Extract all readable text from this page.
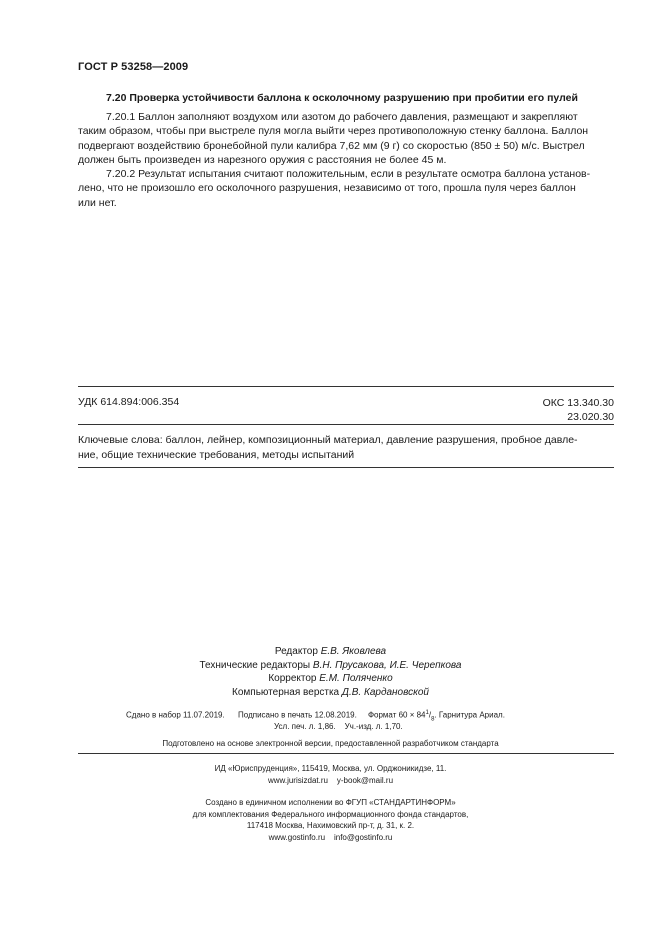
ГОСТ Р 53258—2009
7.20 Проверка устойчивости баллона к осколочному разрушению при пробитии его пулей
7.20.1 Баллон заполняют воздухом или азотом до рабочего давления, размещают и закрепляют
таким образом, чтобы при выстреле пуля могла выйти через противоположную стенку баллона. Баллон
подвергают воздействию бронебойной пули калибра 7,62 мм (9 г) со скоростью (850 ± 50) м/с. Выстрел
должен быть произведен из нарезного оружия с расстояния не более 45 м.
7.20.2 Результат испытания считают положительным, если в результате осмотра баллона установ-
лено, что не произошло его осколочного разрушения, независимо от того, прошла пуля через баллон
или нет.
УДК 614.894:006.354	ОКС 13.340.30
23.020.30
Ключевые слова: баллон, лейнер, композиционный материал, давление разрушения, пробное давле-
ние, общие технические требования, методы испытаний
Редактор Е.В. Яковлева
Технические редакторы В.Н. Прусакова, И.Е. Черепкова
Корректор Е.М. Поляченко
Компьютерная верстка Д.В. Кардановской
Сдано в набор 11.07.2019. Подписано в печать 12.08.2019. Формат $60 \times 84^1/_8$. Гарнитура Ариал.
Усл. печ. л. 1,86.    Уч.-изд. л. 1,70.
Подготовлено на основе электронной версии, предоставленной разработчиком стандарта
ИД «Юриспруденция», 115419, Москва, ул. Орджоникидзе, 11.
www.jurisizdat.ru    y-book@mail.ru
Создано в единичном исполнении во ФГУП «СТАНДАРТИНФОРМ»
для комплектования Федерального информационного фонда стандартов,
117418 Москва, Нахимовский пр-т, д. 31, к. 2.
www.gostinfo.ru    info@gostinfo.ru
